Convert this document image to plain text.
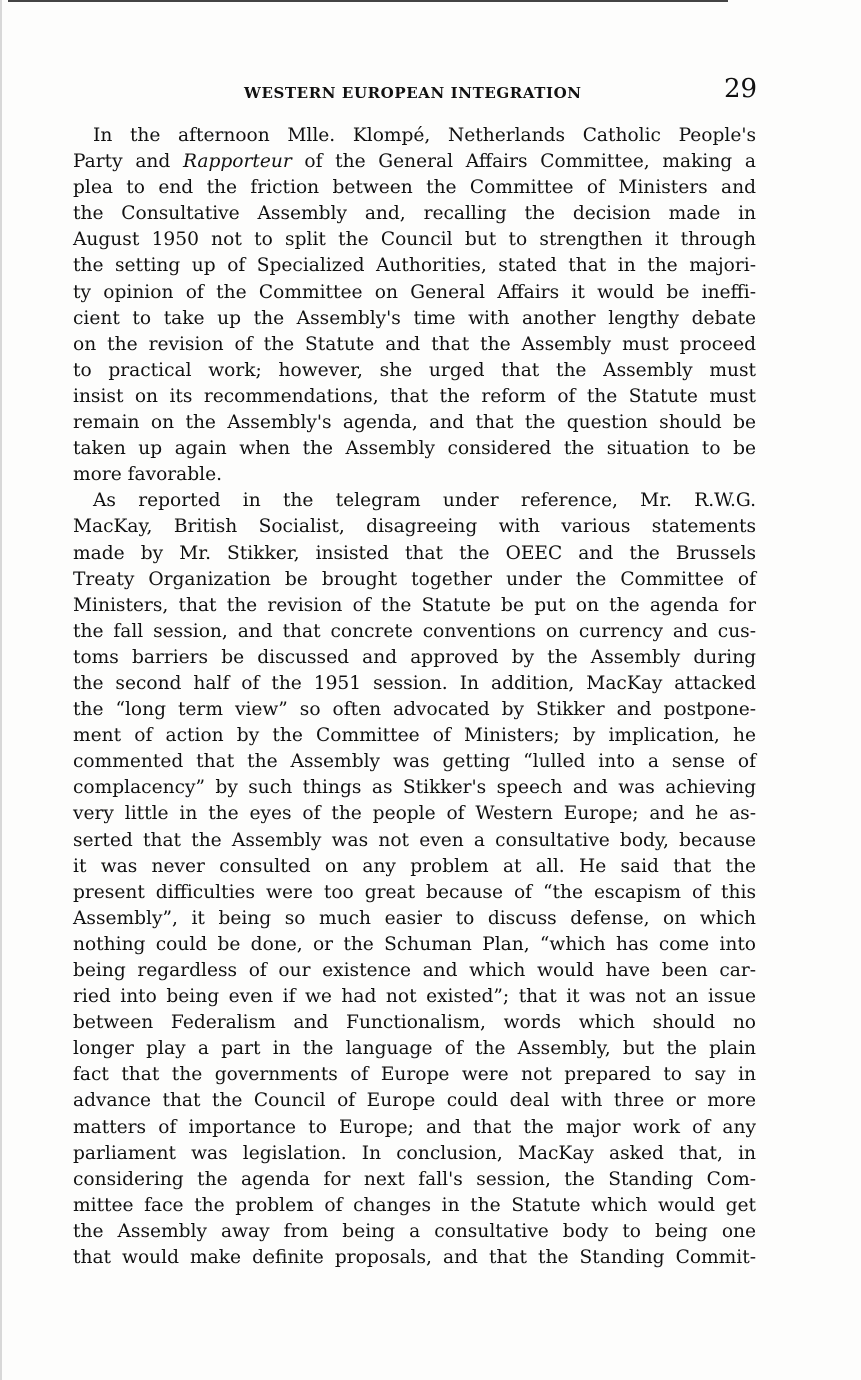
WESTERN EUROPEAN INTEGRATION	29
In the afternoon Mlle. Klompé, Netherlands Catholic People's
Party and Rapporteur of the General Affairs Committee, making a
plea to end the friction between the Committee of Ministers and
the Consultative Assembly and, recalling the decision made in
August 1950 not to split the Council but to strengthen it through
the setting up of Specialized Authorities, stated that in the majori-
ty opinion of the Committee on General Affairs it would be ineffi-
cient to take up the Assembly's time with another lengthy debate
on the revision of the Statute and that the Assembly must proceed
to practical work; however, she urged that the Assembly must
insist on its recommendations, that the reform of the Statute must
remain on the Assembly's agenda, and that the question should be
taken up again when the Assembly considered the situation to be
more favorable.
As reported in the telegram under reference, Mr. R.W.G.
MacKay, British Socialist, disagreeing with various statements
made by Mr. Stikker, insisted that the OEEC and the Brussels
Treaty Organization be brought together under the Committee of
Ministers, that the revision of the Statute be put on the agenda for
the fall session, and that concrete conventions on currency and cus-
toms barriers be discussed and approved by the Assembly during
the second half of the 1951 session. In addition, MacKay attacked
the “long term view” so often advocated by Stikker and postpone-
ment of action by the Committee of Ministers; by implication, he
commented that the Assembly was getting “lulled into a sense of
complacency” by such things as Stikker's speech and was achieving
very little in the eyes of the people of Western Europe; and he as-
serted that the Assembly was not even a consultative body, because
it was never consulted on any problem at all. He said that the
present difficulties were too great because of “the escapism of this
Assembly”, it being so much easier to discuss defense, on which
nothing could be done, or the Schuman Plan, “which has come into
being regardless of our existence and which would have been car-
ried into being even if we had not existed”; that it was not an issue
between Federalism and Functionalism, words which should no
longer play a part in the language of the Assembly, but the plain
fact that the governments of Europe were not prepared to say in
advance that the Council of Europe could deal with three or more
matters of importance to Europe; and that the major work of any
parliament was legislation. In conclusion, MacKay asked that, in
considering the agenda for next fall's session, the Standing Com-
mittee face the problem of changes in the Statute which would get
the Assembly away from being a consultative body to being one
that would make definite proposals, and that the Standing Commit-
